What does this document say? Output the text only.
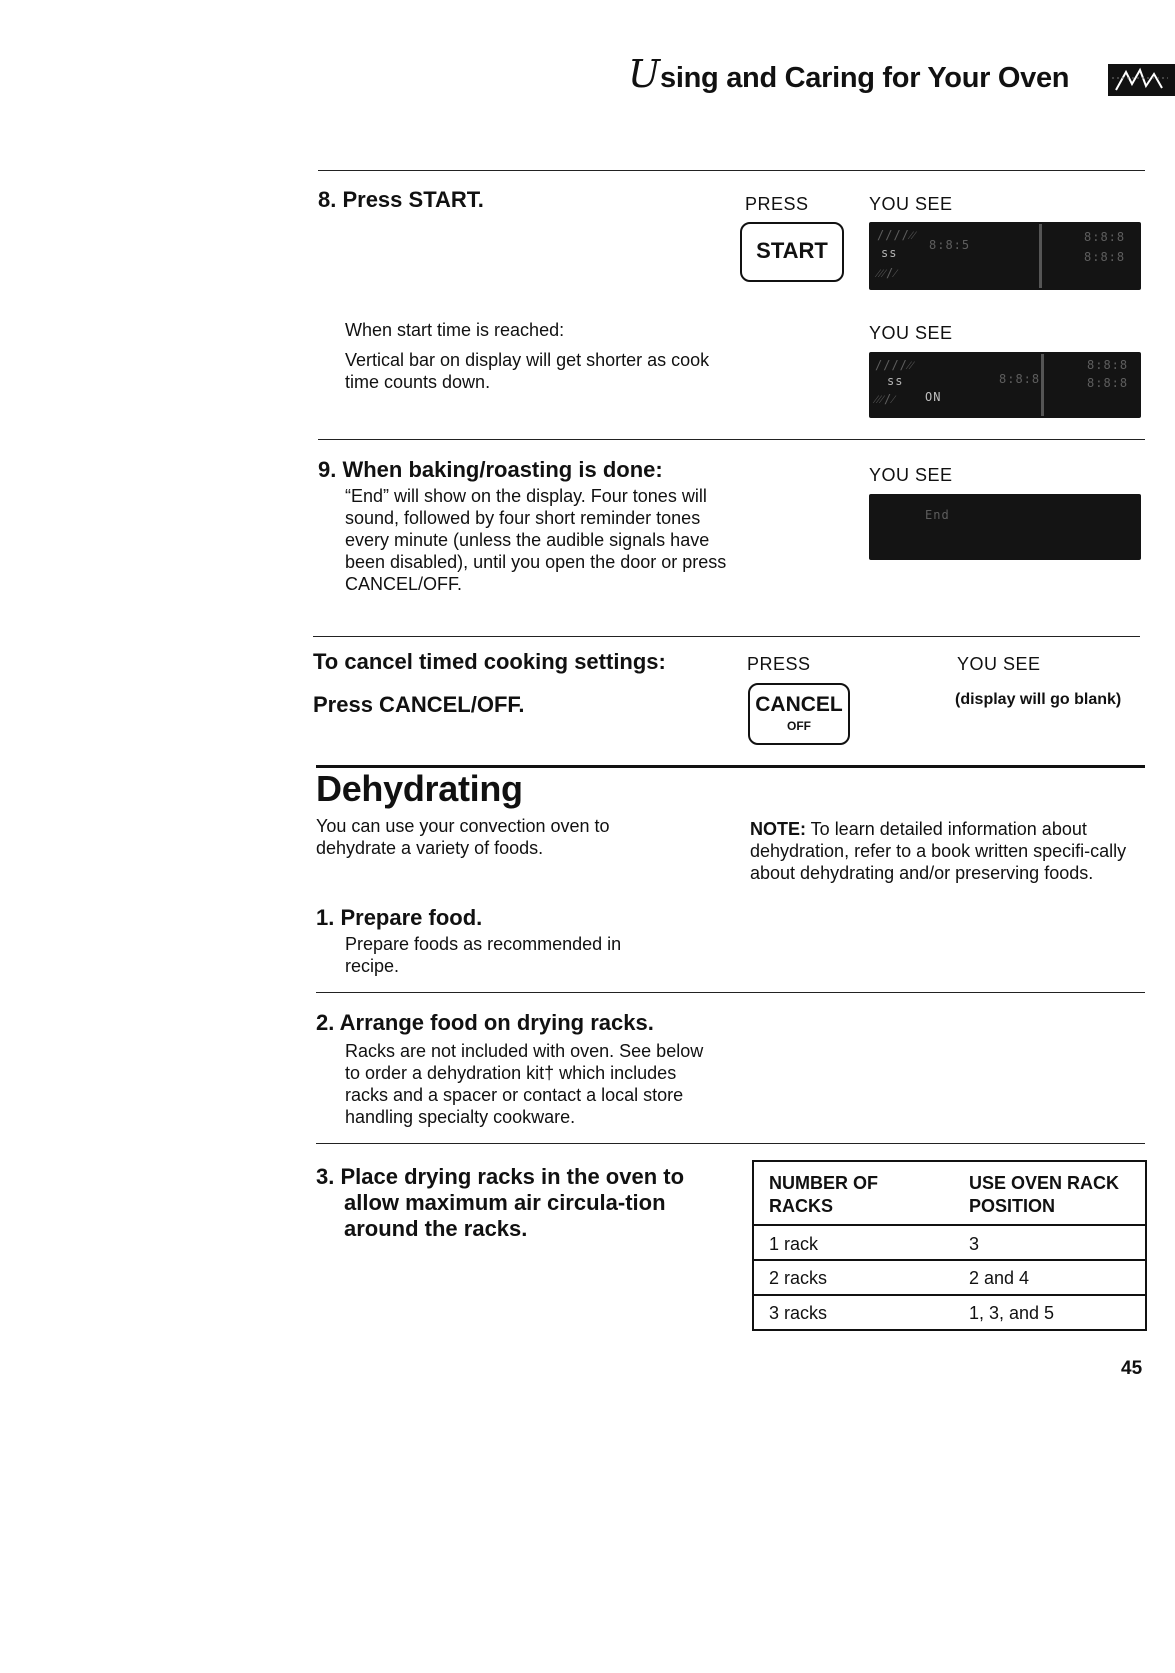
Using and Caring for Your Oven
8. Press START.	PRESS	YOU SEE
START
////⁄⁄
ss
8:8:5
⁄⁄⁄/⁄
8:8:8
8:8:8
When start time is reached:
Vertical bar on display will get shorter as cook time counts down.
YOU SEE
////⁄⁄
ss
⁄⁄⁄/⁄ ON
8:8:8
8:8:8
8:8:8
9. When baking/roasting is done:
“End” will show on the display. Four tones will sound, followed by four short reminder tones every minute (unless the audible signals have been disabled), until you open the door or press CANCEL/OFF.
YOU SEE
End
To cancel timed cooking settings:
Press CANCEL/OFF.
PRESS	YOU SEE
CANCEL
OFF
(display will go blank)
Dehydrating
You can use your convection oven to dehydrate a variety of foods.
NOTE: To learn detailed information about dehydration, refer to a book written specifi-cally about dehydrating and/or preserving foods.
1. Prepare food.
Prepare foods as recommended in recipe.
2. Arrange food on drying racks.
Racks are not included with oven. See below to order a dehydration kit† which includes racks and a spacer or contact a local store handling specialty cookware.
3. Place drying racks in the oven to allow maximum air circula-tion around the racks.
NUMBER OF RACKS
USE OVEN RACK POSITION
1 rack	3
2 racks	2 and 4
3 racks	1, 3, and 5
45
